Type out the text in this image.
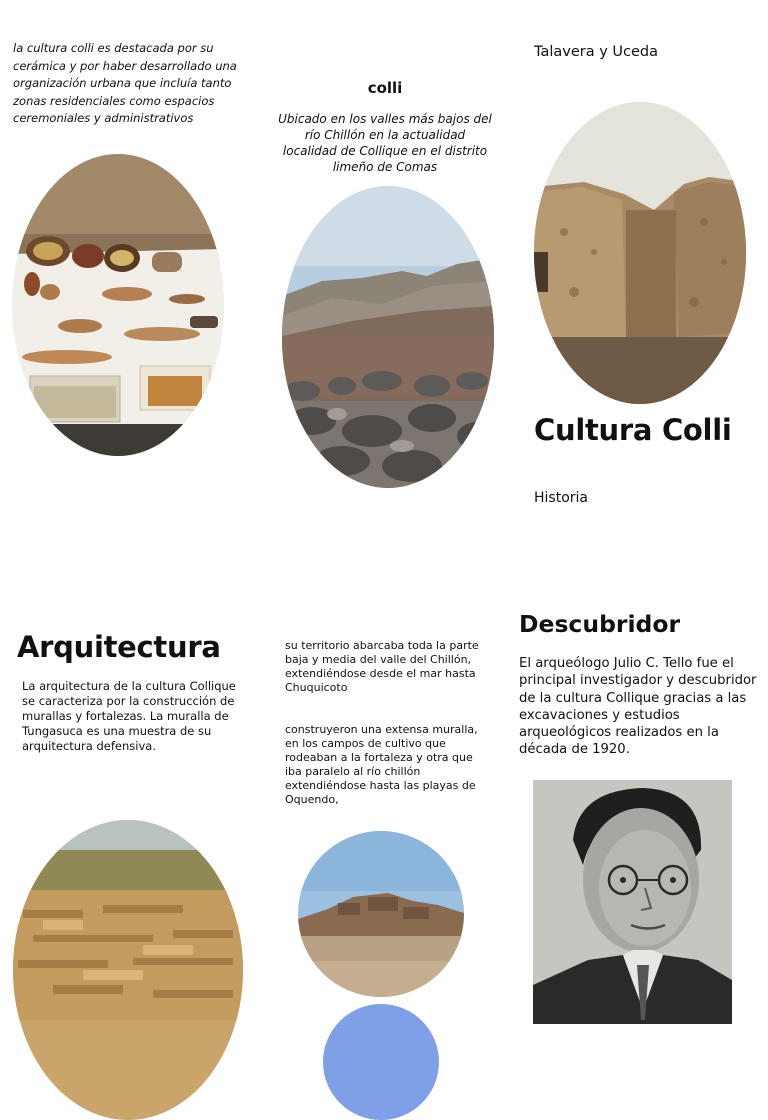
la cultura colli es destacada por su cerámica y por haber desarrollado una organización urbana que incluía tanto zonas residenciales como espacios ceremoniales y administrativos
colli
Ubicado en los valles más bajos del río Chillón en la actualidad localidad de Collique en el distrito limeño de Comas
Talavera y Uceda
Cultura Colli
Historia
Arquitectura
La arquitectura de la cultura Collique se caracteriza por la construcción de murallas y fortalezas. La muralla de Tungasuca es una muestra de su arquitectura defensiva.
su territorio abarcaba toda la parte baja y media del valle del Chillón, extendiéndose desde el mar hasta Chuquicoto
construyeron una extensa muralla, en los campos de cultivo que rodeaban a la fortaleza y otra que iba paralelo al río chillón extendiéndose hasta las playas de Oquendo,
Descubridor
El arqueólogo Julio C. Tello fue el principal investigador y descubridor de la cultura Collique gracias a las excavaciones y estudios arqueológicos realizados en la década de 1920.
